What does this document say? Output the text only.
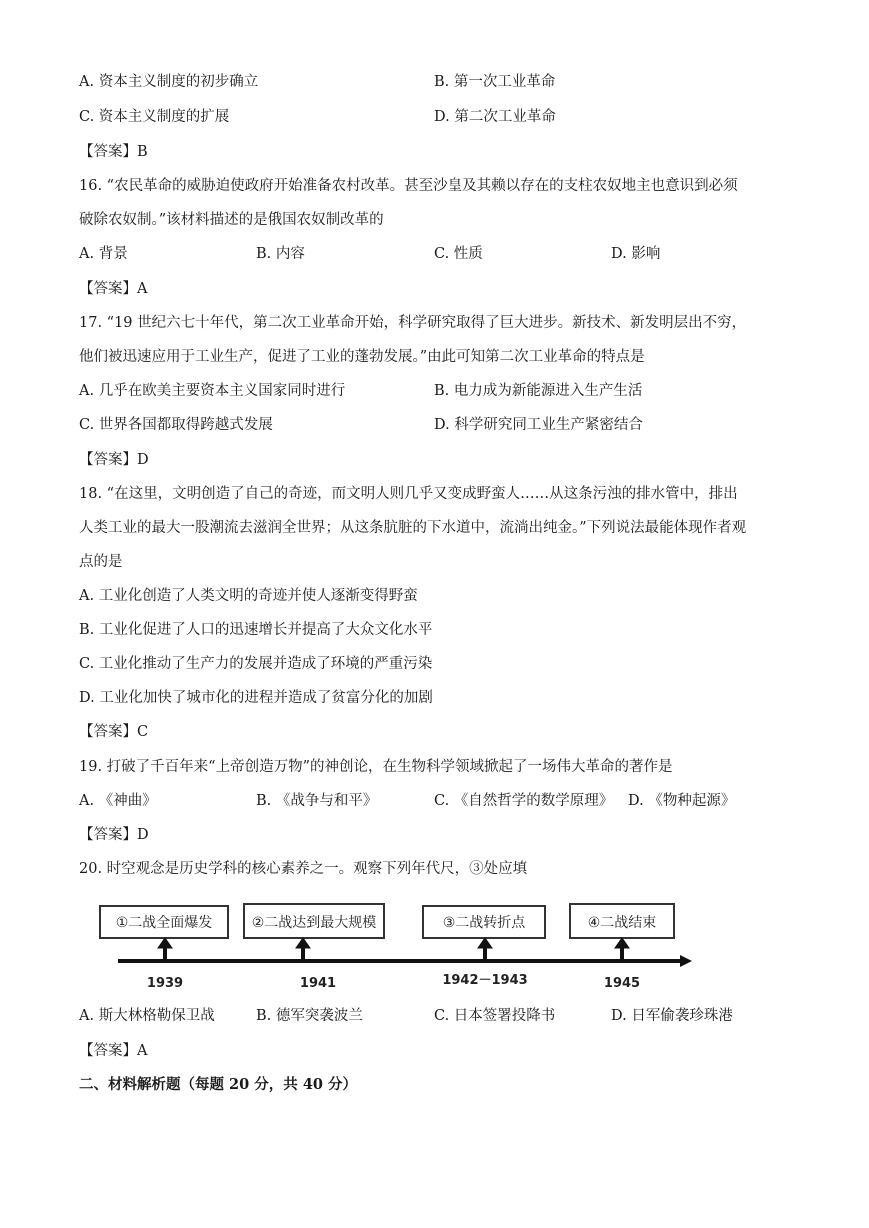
A. 资本主义制度的初步确立	B. 第一次工业革命
C. 资本主义制度的扩展	D. 第二次工业革命
【答案】B
16. “农民革命的威胁迫使政府开始准备农村改革。甚至沙皇及其赖以存在的支柱农奴地主也意识到必须
破除农奴制。”该材料描述的是俄国农奴制改革的
A. 背景	B. 内容	C. 性质	D. 影响
【答案】A
17. “19 世纪六七十年代，第二次工业革命开始，科学研究取得了巨大进步。新技术、新发明层出不穷，
他们被迅速应用于工业生产，促进了工业的蓬勃发展。”由此可知第二次工业革命的特点是
A. 几乎在欧美主要资本主义国家同时进行	B. 电力成为新能源进入生产生活
C. 世界各国都取得跨越式发展	D. 科学研究同工业生产紧密结合
【答案】D
18. “在这里，文明创造了自己的奇迹，而文明人则几乎又变成野蛮人……从这条污浊的排水管中，排出
人类工业的最大一股潮流去滋润全世界；从这条肮脏的下水道中，流淌出纯金。”下列说法最能体现作者观
点的是
A. 工业化创造了人类文明的奇迹并使人逐渐变得野蛮
B. 工业化促进了人口的迅速增长并提高了大众文化水平
C. 工业化推动了生产力的发展并造成了环境的严重污染
D. 工业化加快了城市化的进程并造成了贫富分化的加剧
【答案】C
19. 打破了千百年来“上帝创造万物”的神创论，在生物科学领域掀起了一场伟大革命的著作是
A. 《神曲》	B. 《战争与和平》	C. 《自然哲学的数学原理》 D. 《物种起源》
【答案】D
20. 时空观念是历史学科的核心素养之一。观察下列年代尺，③处应填
①二战全面爆发	②二战达到最大规模	③二战转折点	④二战结束
1939	1941	1942－1943	1945
A. 斯大林格勒保卫战	B. 德军突袭波兰	C. 日本签署投降书	D. 日军偷袭珍珠港
【答案】A
二、材料解析题（每题 20 分，共 40 分）
